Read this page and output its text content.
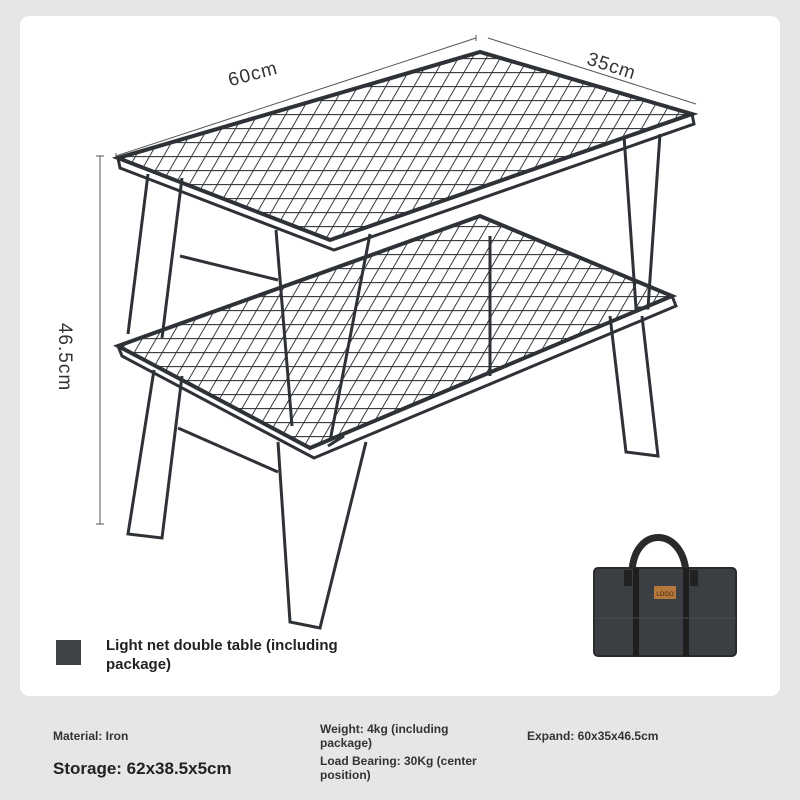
LOGO
60cm	35cm
46.5cm
Light net double table (including package)
Material: Iron
Storage: 62x38.5x5cm
Weight: 4kg (including package)
Load Bearing: 30Kg (center position)
Expand: 60x35x46.5cm
